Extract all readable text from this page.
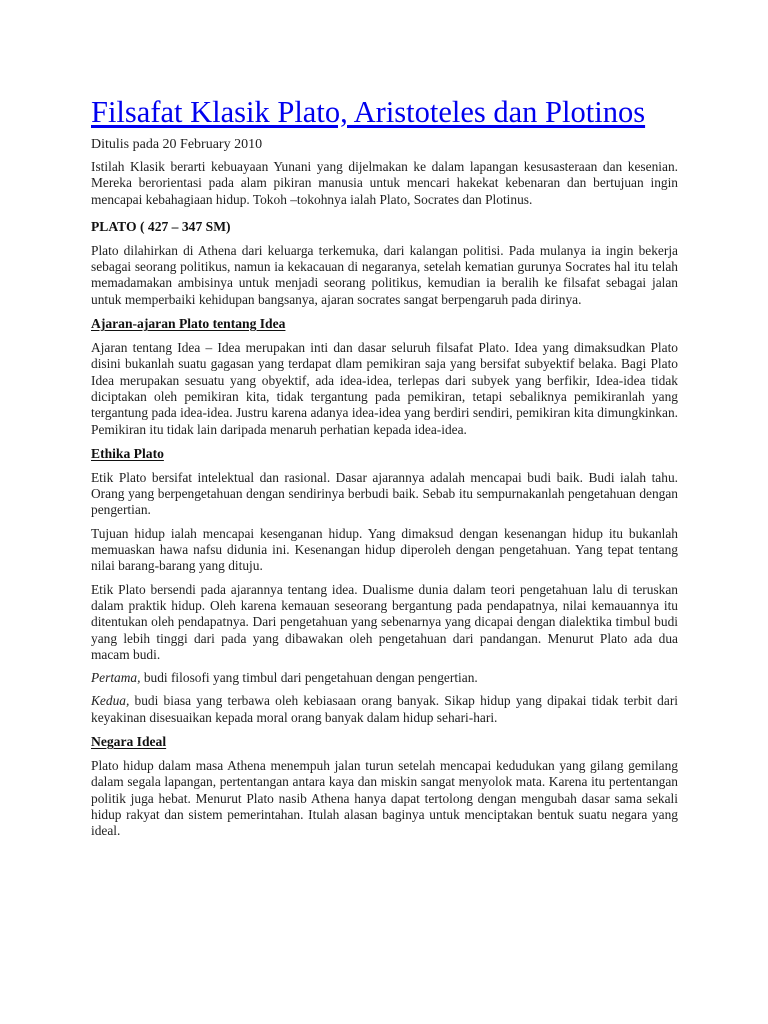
Filsafat Klasik Plato, Aristoteles dan Plotinos
Ditulis pada 20 February 2010

Istilah Klasik berarti kebuayaan Yunani yang dijelmakan ke dalam lapangan kesusasteraan dan kesenian. Mereka berorientasi pada alam pikiran manusia untuk mencari hakekat kebenaran dan bertujuan ingin mencapai kebahagiaan hidup. Tokoh –tokohnya ialah Plato, Socrates dan Plotinus.

PLATO ( 427 – 347 SM)

Plato dilahirkan di Athena dari keluarga terkemuka, dari kalangan politisi. Pada mulanya ia ingin bekerja sebagai seorang politikus, namun ia kekacauan di negaranya, setelah kematian gurunya Socrates hal itu telah memadamakan ambisinya untuk menjadi seorang politikus, kemudian ia beralih ke filsafat sebagai jalan untuk memperbaiki kehidupan bangsanya, ajaran socrates sangat berpengaruh pada dirinya.

Ajaran-ajaran Plato tentang Idea

Ajaran tentang Idea – Idea merupakan inti dan dasar seluruh filsafat Plato. Idea yang dimaksudkan Plato disini bukanlah suatu gagasan yang terdapat dlam pemikiran saja yang bersifat subyektif belaka. Bagi Plato Idea merupakan sesuatu yang obyektif, ada idea-idea, terlepas dari subyek yang berfikir, Idea-idea tidak diciptakan oleh pemikiran kita, tidak tergantung pada pemikiran, tetapi sebaliknya pemikiranlah yang tergantung pada idea-idea. Justru karena adanya idea-idea yang berdiri sendiri, pemikiran kita dimungkinkan. Pemikiran itu tidak lain daripada menaruh perhatian kepada idea-idea.

Ethika Plato

Etik Plato bersifat intelektual dan rasional. Dasar ajarannya adalah mencapai budi baik. Budi ialah tahu. Orang yang berpengetahuan dengan sendirinya berbudi baik. Sebab itu sempurnakanlah pengetahuan dengan pengertian.

Tujuan hidup ialah mencapai kesenganan hidup. Yang dimaksud dengan kesenangan hidup itu bukanlah memuaskan hawa nafsu didunia ini. Kesenangan hidup diperoleh dengan pengetahuan. Yang tepat tentang nilai barang-barang yang dituju.

Etik Plato bersendi pada ajarannya tentang idea. Dualisme dunia dalam teori pengetahuan lalu di teruskan dalam praktik hidup. Oleh karena kemauan seseorang bergantung pada pendapatnya, nilai kemauannya itu ditentukan oleh pendapatnya. Dari pengetahuan yang sebenarnya yang dicapai dengan dialektika timbul budi yang lebih tinggi dari pada yang dibawakan oleh pengetahuan dari pandangan. Menurut Plato ada dua macam budi.

Pertama, budi filosofi yang timbul dari pengetahuan dengan pengertian.

Kedua, budi biasa yang terbawa oleh kebiasaan orang banyak. Sikap hidup yang dipakai tidak terbit dari keyakinan disesuaikan kepada moral orang banyak dalam hidup sehari-hari.

Negara Ideal

Plato hidup dalam masa Athena menempuh jalan turun setelah mencapai kedudukan yang gilang gemilang dalam segala lapangan, pertentangan antara kaya dan miskin sangat menyolok mata. Karena itu pertentangan politik juga hebat. Menurut Plato nasib Athena hanya dapat tertolong dengan mengubah dasar sama sekali hidup rakyat dan sistem pemerintahan. Itulah alasan baginya untuk menciptakan bentuk suatu negara yang ideal.
